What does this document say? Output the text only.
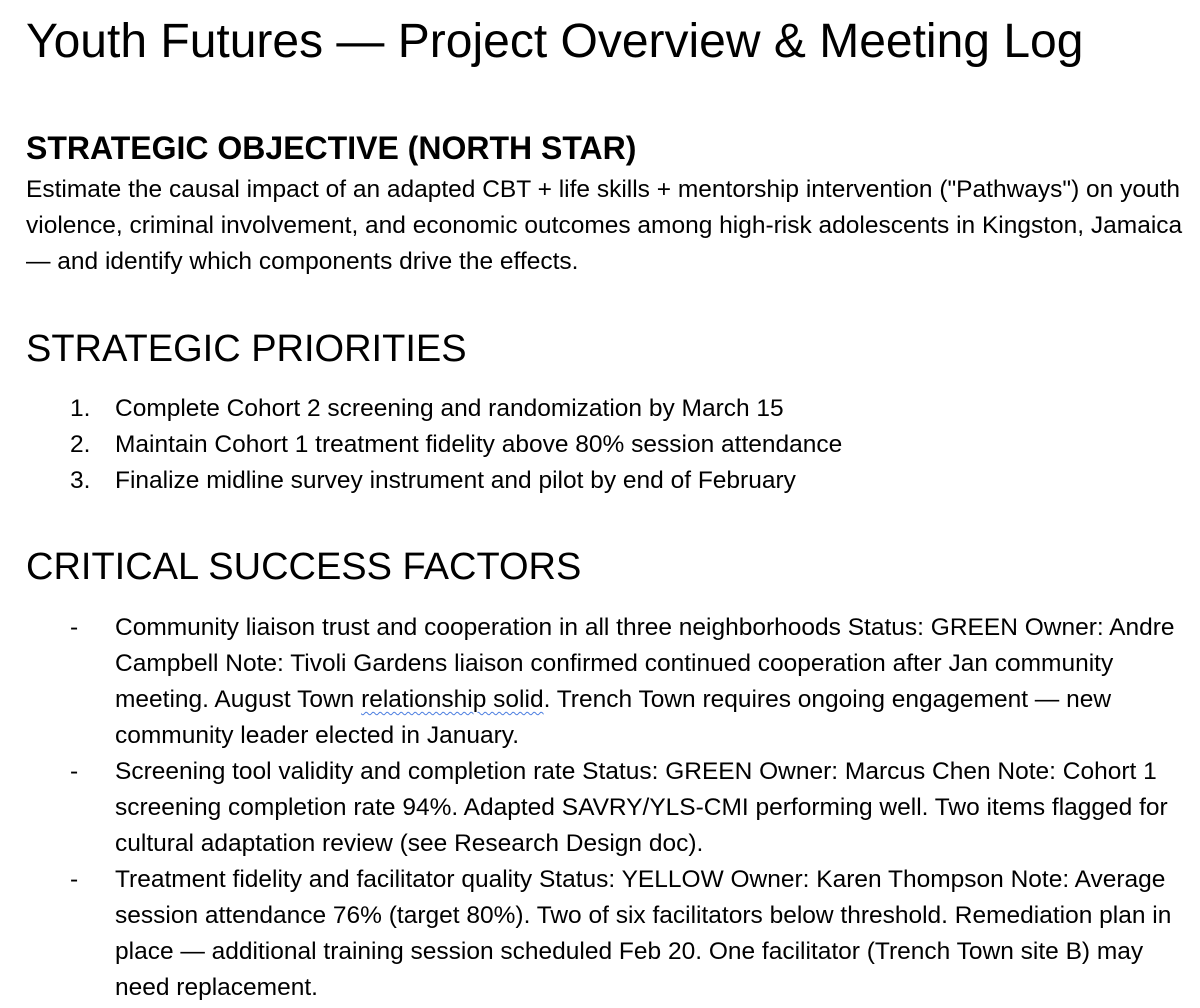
Youth Futures — Project Overview & Meeting Log
STRATEGIC OBJECTIVE (NORTH STAR)

Estimate the causal impact of an adapted CBT + life skills + mentorship intervention ("Pathways") on youth violence, criminal involvement, and economic outcomes among high-risk adolescents in Kingston, Jamaica — and identify which components drive the effects.

STRATEGIC PRIORITIES
1.	Complete Cohort 2 screening and randomization by March 15
2.	Maintain Cohort 1 treatment fidelity above 80% session attendance
3.	Finalize midline survey instrument and pilot by end of February
CRITICAL SUCCESS FACTORS
-	Community liaison trust and cooperation in all three neighborhoods Status: GREEN Owner: Andre Campbell Note: Tivoli Gardens liaison confirmed continued cooperation after Jan community meeting. August Town relationship solid. Trench Town requires ongoing engagement — new community leader elected in January.
-	Screening tool validity and completion rate Status: GREEN Owner: Marcus Chen Note: Cohort 1 screening completion rate 94%. Adapted SAVRY/YLS-CMI performing well. Two items flagged for cultural adaptation review (see Research Design doc).
-	Treatment fidelity and facilitator quality Status: YELLOW Owner: Karen Thompson Note: Average session attendance 76% (target 80%). Two of six facilitators below threshold. Remediation plan in place — additional training session scheduled Feb 20. One facilitator (Trench Town site B) may need replacement.
